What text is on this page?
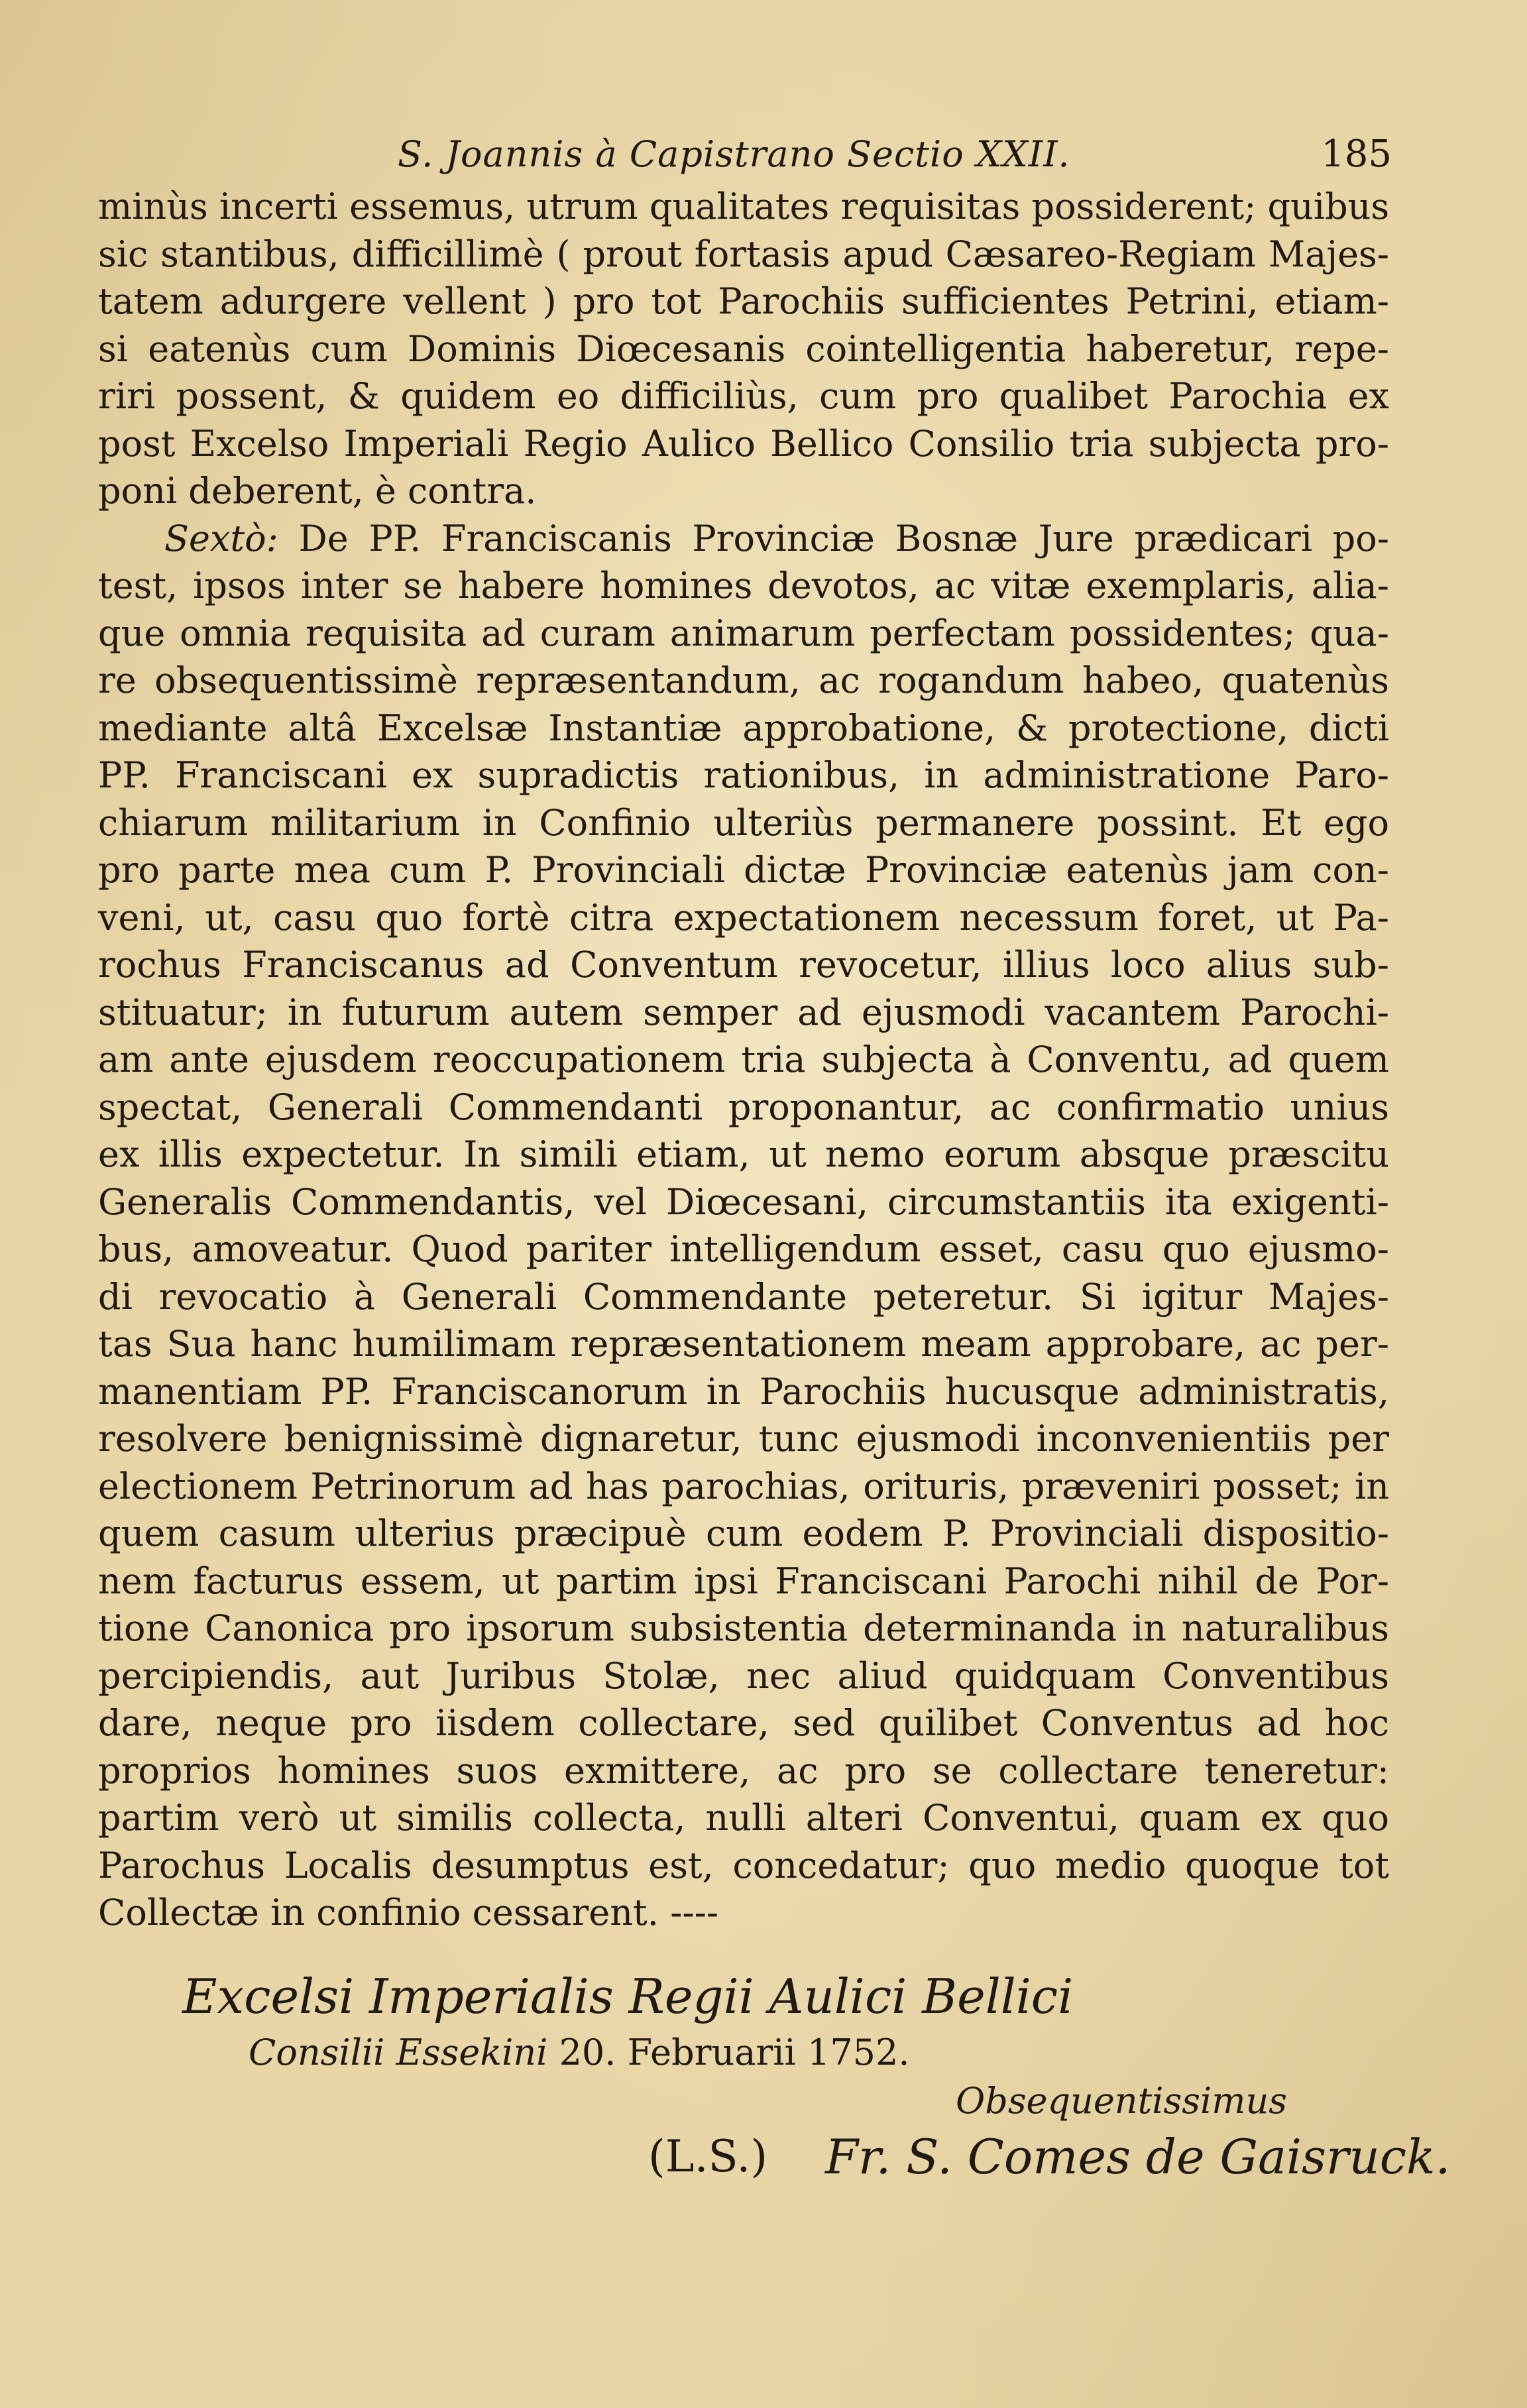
S. Joannis à Capistrano Sectio XXII.	185
minùs incerti essemus, utrum qualitates requisitas possiderent; quibus
sic stantibus, difficillimè ( prout fortasis apud Cæsareo-Regiam Majes-
tatem adurgere vellent ) pro tot Parochiis sufficientes Petrini, etiam-
si eatenùs cum Dominis Diœcesanis cointelligentia haberetur, repe-
riri possent, & quidem eo difficiliùs, cum pro qualibet Parochia ex
post Excelso Imperiali Regio Aulico Bellico Consilio tria subjecta pro-
poni deberent, è contra.
Sextò: De PP. Franciscanis Provinciæ Bosnæ Jure prædicari po-
test, ipsos inter se habere homines devotos, ac vitæ exemplaris, alia-
que omnia requisita ad curam animarum perfectam possidentes; qua-
re obsequentissimè repræsentandum, ac rogandum habeo, quatenùs
mediante altâ Excelsæ Instantiæ approbatione, & protectione, dicti
PP. Franciscani ex supradictis rationibus, in administratione Paro-
chiarum militarium in Confinio ulteriùs permanere possint. Et ego
pro parte mea cum P. Provinciali dictæ Provinciæ eatenùs jam con-
veni, ut, casu quo fortè citra expectationem necessum foret, ut Pa-
rochus Franciscanus ad Conventum revocetur, illius loco alius sub-
stituatur; in futurum autem semper ad ejusmodi vacantem Parochi-
am ante ejusdem reoccupationem tria subjecta à Conventu, ad quem
spectat, Generali Commendanti proponantur, ac confirmatio unius
ex illis expectetur. In simili etiam, ut nemo eorum absque præscitu
Generalis Commendantis, vel Diœcesani, circumstantiis ita exigenti-
bus, amoveatur. Quod pariter intelligendum esset, casu quo ejusmo-
di revocatio à Generali Commendante peteretur. Si igitur Majes-
tas Sua hanc humilimam repræsentationem meam approbare, ac per-
manentiam PP. Franciscanorum in Parochiis hucusque administratis,
resolvere benignissimè dignaretur, tunc ejusmodi inconvenientiis per
electionem Petrinorum ad has parochias, orituris, præveniri posset; in
quem casum ulterius præcipuè cum eodem P. Provinciali dispositio-
nem facturus essem, ut partim ipsi Franciscani Parochi nihil de Por-
tione Canonica pro ipsorum subsistentia determinanda in naturalibus
percipiendis, aut Juribus Stolæ, nec aliud quidquam Conventibus
dare, neque pro iisdem collectare, sed quilibet Conventus ad hoc
proprios homines suos exmittere, ac pro se collectare teneretur:
partim verò ut similis collecta, nulli alteri Conventui, quam ex quo
Parochus Localis desumptus est, concedatur; quo medio quoque tot
Collectæ in confinio cessarent. ----
Excelsi Imperialis Regii Aulici Bellici
Consilii Essekini 20. Februarii 1752.
Obsequentissimus
(L.S.) Fr. S. Comes de Gaisruck.
